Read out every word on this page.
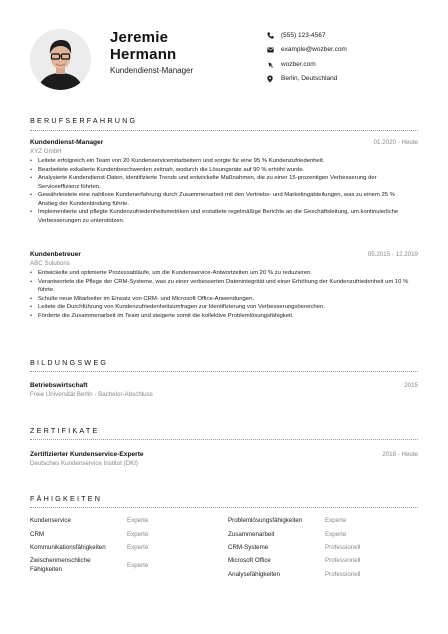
Jeremie
Hermann
Kundendienst-Manager
(555) 123-4567
example@wozber.com
wozber.com
Berlin, Deutschland
BERUFSERFAHRUNG
Kundendienst-Manager	01.2020 - Heute
XYZ GmbH
• Leitete erfolgreich ein Team von 20 Kundenservicemitarbeitern und sorgte für eine 95 % Kundenzufriedenheit.
• Bearbeitete eskalierte Kundenbeschwerden zeitnah, wodurch die Lösungsrate auf 90 % erhöht wurde.
• Analysierte Kundendienst-Daten, identifizierte Trends und entwickelte Maßnahmen, die zu einer 15-prozentigen Verbesserung der Serviceeffizienz führten.
• Gewährleistete eine nahtlose Kundenerfahrung durch Zusammenarbeit mit den Vertriebs- und Marketingabteilungen, was zu einem 25 % Anstieg der Kundenbindung führte.
• Implementierte und pflegte Kundenzufriedenheitsmetriken und erstattete regelmäßige Berichte an die Geschäftsleitung, um kontinuierliche Verbesserungen zu unterstützen.
Kundenbetreuer	05.2015 - 12.2019
ABC Solutions
• Entwickelte und optimierte Prozessabläufe, um die Kundenservice-Antwortzeiten um 20 % zu reduzieren.
• Verantwortete die Pflege der CRM-Systeme, was zu einer verbesserten Datenintegrität und einer Erhöhung der Kundenzufriedenheit um 10 % führte.
• Schulte neue Mitarbeiter im Einsatz von CRM- und Microsoft Office-Anwendungen.
• Leitete die Durchführung von Kundenzufriedenheitsumfragen zur Identifizierung von Verbesserungsbereichen.
• Förderte die Zusammenarbeit im Team und steigerte somit die kollektive Problemlösungsfähigkeit.
BILDUNGSWEG
Betriebswirtschaft	2015
Freie Universität Berlin - Bachelor-Abschluss
ZERTIFIKATE
Zertifizierter Kundenservice-Experte	2018 - Heute
Deutsches Kundenservice Institut (DKI)
FÄHIGKEITEN
Kundenservice	Experte
CRM	Experte
Kommunikationsfähigkeiten	Experte
Zwischenmenschliche Fähigkeiten	Experte
Problemlösungsfähigkeiten	Experte
Zusammenarbeit	Experte
CRM-Systeme	Professionell
Microsoft Office	Professionell
Analysefähigkeiten	Professionell
